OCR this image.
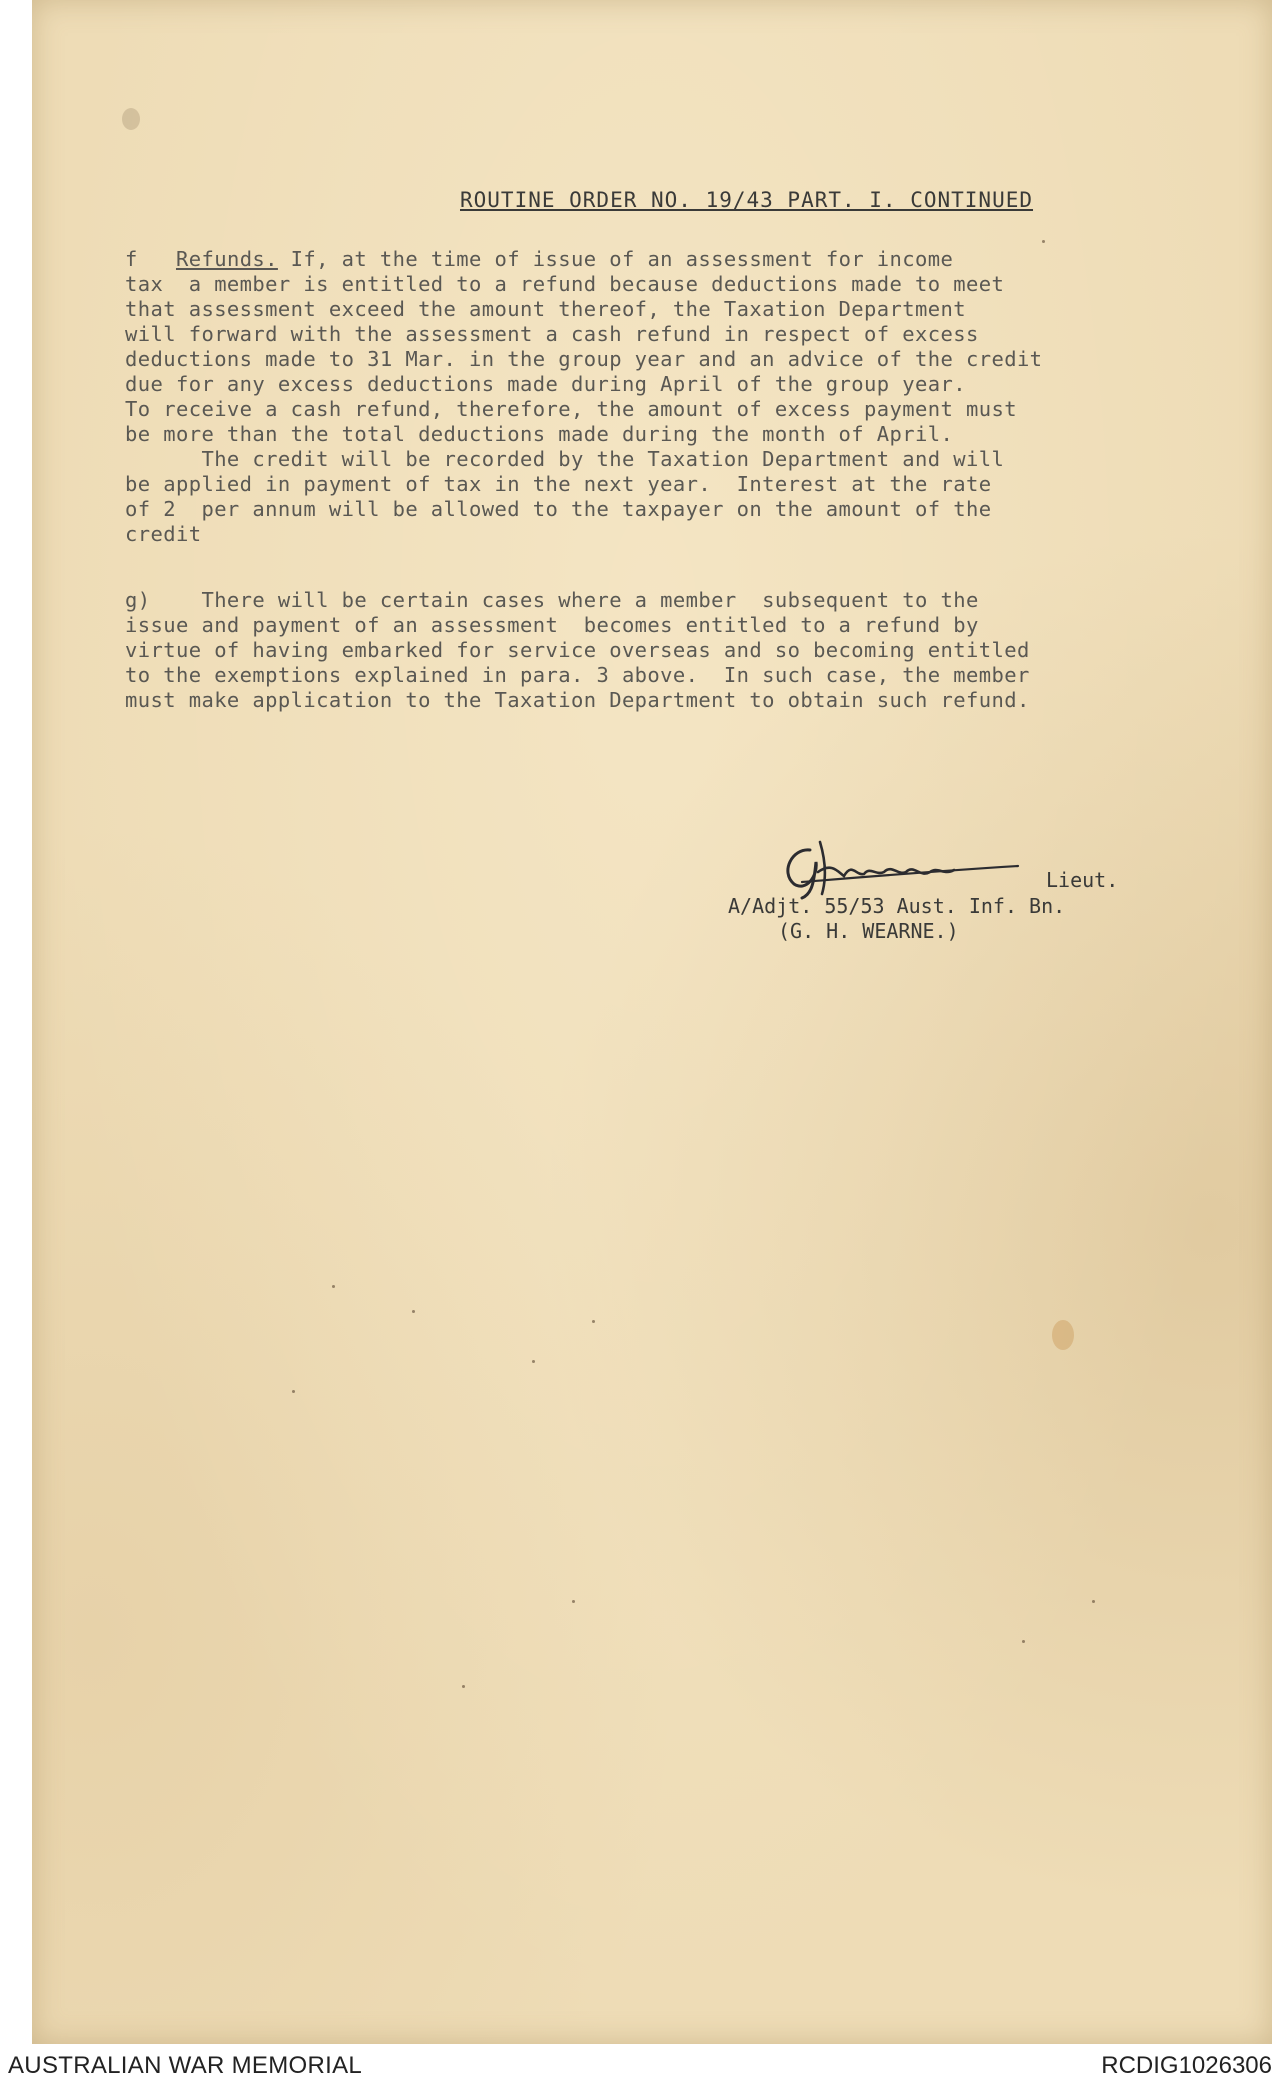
ROUTINE ORDER NO. 19/43 PART. I. CONTINUED
f Refunds. If, at the time of issue of an assessment for income
tax  a member is entitled to a refund because deductions made to meet
that assessment exceed the amount thereof, the Taxation Department
will forward with the assessment a cash refund in respect of excess
deductions made to 31 Mar. in the group year and an advice of the credit
due for any excess deductions made during April of the group year.
To receive a cash refund, therefore, the amount of excess payment must
be more than the total deductions made during the month of April.
The credit will be recorded by the Taxation Department and will
be applied in payment of tax in the next year.  Interest at the rate
of 2  per annum will be allowed to the taxpayer on the amount of the
credit
g)    There will be certain cases where a member  subsequent to the
issue and payment of an assessment  becomes entitled to a refund by
virtue of having embarked for service overseas and so becoming entitled
to the exemptions explained in para. 3 above.  In such case, the member
must make application to the Taxation Department to obtain such refund.
Lieut.
A/Adjt. 55/53 Aust. Inf. Bn.
(G. H. WEARNE.)
AUSTRALIAN WAR MEMORIAL	RCDIG1026306
